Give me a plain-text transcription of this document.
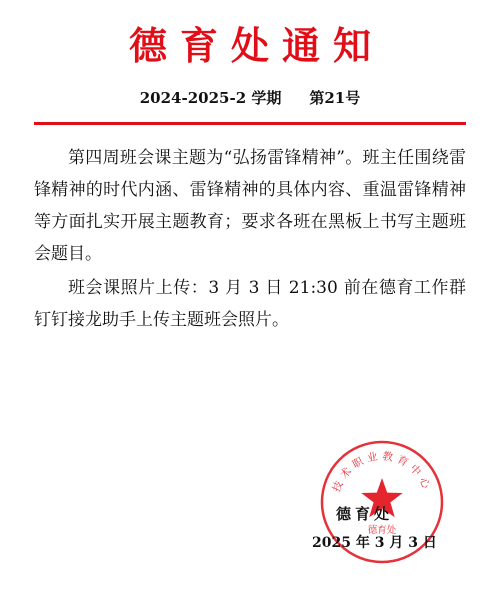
德育处通知
2024-2025-2 学期 第21号

第四周班会课主题为“弘扬雷锋精神”。班主任围绕雷锋精神的时代内涵、雷锋精神的具体内容、重温雷锋精神等方面扎实开展主题教育；要求各班在黑板上书写主题班会题目。

班会课照片上传：3 月 3 日 21:30 前在德育工作群钉钉接龙助手上传主题班会照片。

技术职业教育中心
德育处
德育处
2025 年 3 月 3 日
